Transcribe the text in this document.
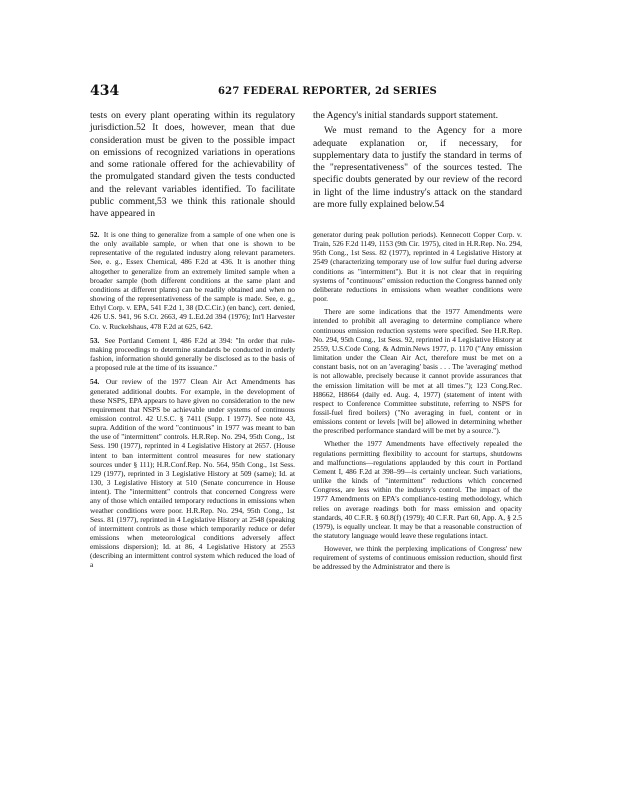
434	627 FEDERAL REPORTER, 2d SERIES
tests on every plant operating within its regulatory jurisdiction.52 It does, however, mean that due consideration must be given to the possible impact on emissions of recognized variations in operations and some rationale offered for the achievability of the promulgated standard given the tests conducted and the relevant variables identified. To facilitate public comment,53 we think this rationale should have appeared in

the Agency's initial standards support statement.

We must remand to the Agency for a more adequate explanation or, if necessary, for supplementary data to justify the standard in terms of the "representativeness" of the sources tested. The specific doubts generated by our review of the record in light of the lime industry's attack on the standard are more fully explained below.54

52. It is one thing to generalize from a sample of one when one is the only available sample, or when that one is shown to be representative of the regulated industry along relevant parameters. See, e. g., Essex Chemical, 486 F.2d at 436. It is another thing altogether to generalize from an extremely limited sample when a broader sample (both different conditions at the same plant and conditions at different plants) can be readily obtained and when no showing of the representativeness of the sample is made. See, e. g., Ethyl Corp. v. EPA, 541 F.2d 1, 38 (D.C.Cir.) (en banc), cert. denied, 426 U.S. 941, 96 S.Ct. 2663, 49 L.Ed.2d 394 (1976); Int'l Harvester Co. v. Ruckelshaus, 478 F.2d at 625, 642.
53. See Portland Cement I, 486 F.2d at 394: "In order that rule-making proceedings to determine standards be conducted in orderly fashion, information should generally be disclosed as to the basis of a proposed rule at the time of its issuance."
54. Our review of the 1977 Clean Air Act Amendments has generated additional doubts. For example, in the development of these NSPS, EPA appears to have given no consideration to the new requirement that NSPS be achievable under systems of continuous emission control. 42 U.S.C. § 7411 (Supp. I 1977). See note 43, supra. Addition of the word "continuous" in 1977 was meant to ban the use of "intermittent" controls. H.R.Rep. No. 294, 95th Cong., 1st Sess. 190 (1977), reprinted in 4 Legislative History at 2657. (House intent to ban intermittent control measures for new stationary sources under § 111); H.R.Conf.Rep. No. 564, 95th Cong., 1st Sess. 129 (1977), reprinted in 3 Legislative History at 509 (same); Id. at 130, 3 Legislative History at 510 (Senate concurrence in House intent). The "intermittent" controls that concerned Congress were any of those which entailed temporary reductions in emissions when weather conditions were poor. H.R.Rep. No. 294, 95th Cong., 1st Sess. 81 (1977), reprinted in 4 Legislative History at 2548 (speaking of intermittent controls as those which temporarily reduce or defer emissions when meteorological conditions adversely affect emissions dispersion); Id. at 86, 4 Legislative History at 2553 (describing an intermittent control system which reduced the load of a

generator during peak pollution periods). Kennecott Copper Corp. v. Train, 526 F.2d 1149, 1153 (9th Cir. 1975), cited in H.R.Rep. No. 294, 95th Cong., 1st Sess. 82 (1977), reprinted in 4 Legislative History at 2549 (characterizing temporary use of low sulfur fuel during adverse conditions as "intermittent"). But it is not clear that in requiring systems of "continuous" emission reduction the Congress banned only deliberate reductions in emissions when weather conditions were poor.

There are some indications that the 1977 Amendments were intended to prohibit all averaging to determine compliance where continuous emission reduction systems were specified. See H.R.Rep. No. 294, 95th Cong., 1st Sess. 92, reprinted in 4 Legislative History at 2559, U.S.Code Cong. & Admin.News 1977, p. 1170 ("Any emission limitation under the Clean Air Act, therefore must be met on a constant basis, not on an 'averaging' basis . . . The 'averaging' method is not allowable, precisely because it cannot provide assurances that the emission limitation will be met at all times."); 123 Cong.Rec. H8662, H8664 (daily ed. Aug. 4, 1977) (statement of intent with respect to Conference Committee substitute, referring to NSPS for fossil-fuel fired boilers) ("No averaging in fuel, content or in emissions content or levels [will be] allowed in determining whether the prescribed performance standard will be met by a source.").

Whether the 1977 Amendments have effectively repealed the regulations permitting flexibility to account for startups, shutdowns and malfunctions—regulations applauded by this court in Portland Cement I, 486 F.2d at 398–99—is certainly unclear. Such variations, unlike the kinds of "intermittent" reductions which concerned Congress, are less within the industry's control. The impact of the 1977 Amendments on EPA's compliance-testing methodology, which relies on average readings both for mass emission and opacity standards, 40 C.F.R. § 60.8(f) (1979); 40 C.F.R. Part 60, App. A, § 2.5 (1979), is equally unclear. It may be that a reasonable construction of the statutory language would leave these regulations intact.

However, we think the perplexing implications of Congress' new requirement of systems of continuous emission reduction, should first be addressed by the Administrator and there is
